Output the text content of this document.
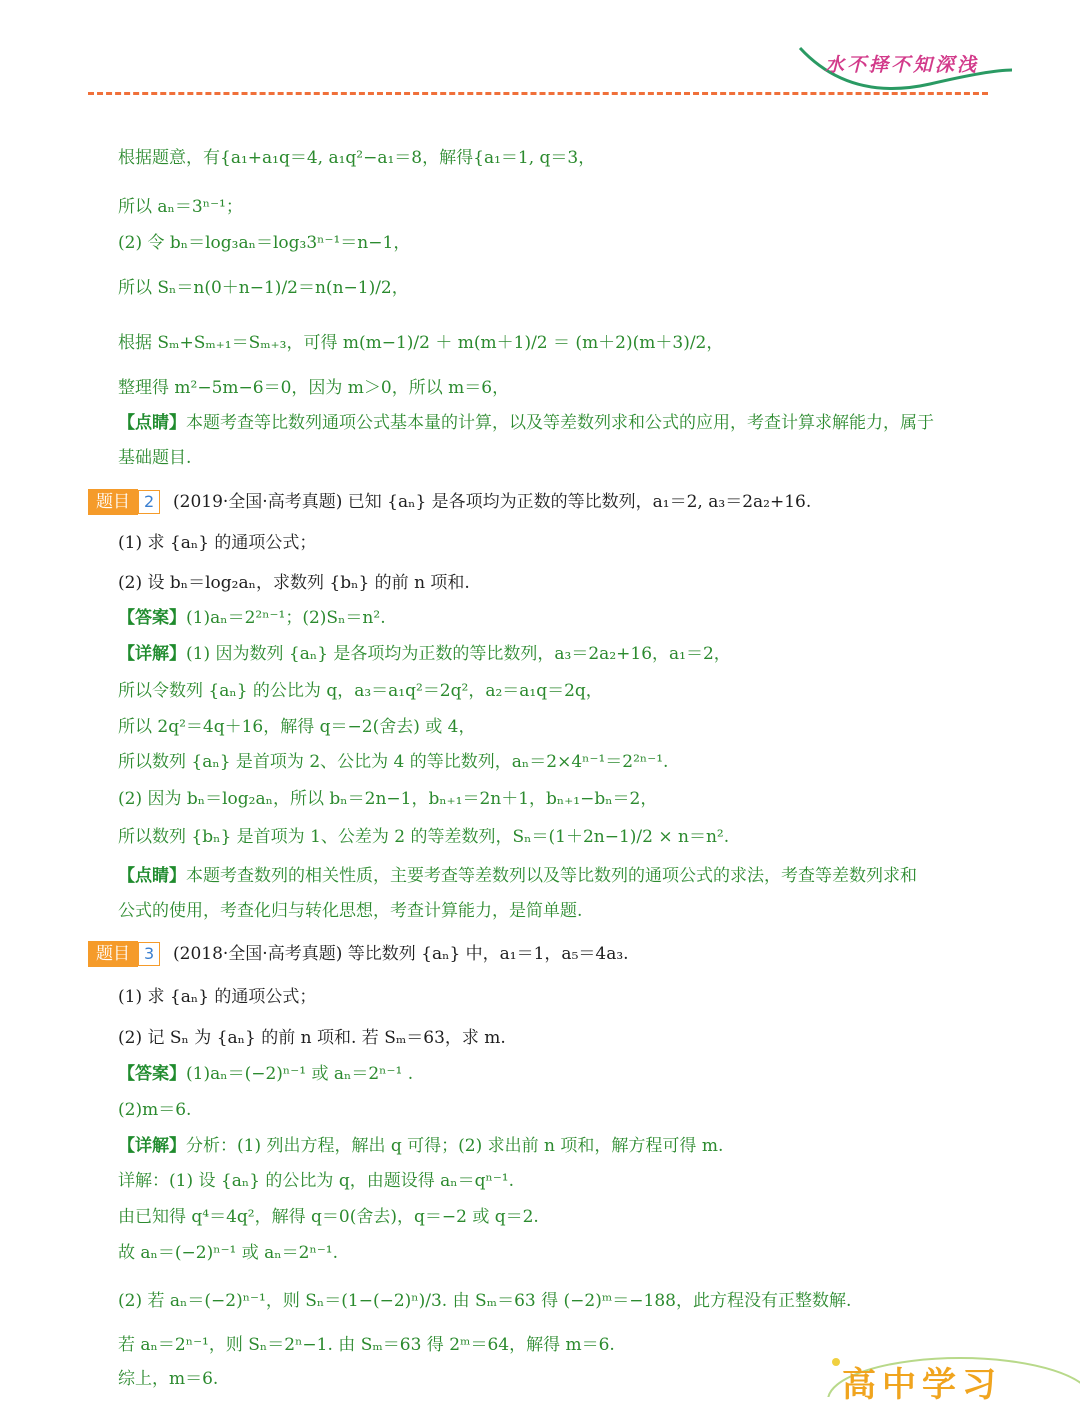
水不择不知深浅
根据题意，有{a₁+a₁q＝4, a₁q²−a₁＝8，解得{a₁＝1, q＝3，
所以 aₙ＝3ⁿ⁻¹；
(2) 令 bₙ＝log₃aₙ＝log₃3ⁿ⁻¹＝n−1，
所以 Sₙ＝n(0＋n−1)/2＝n(n−1)/2，
根据 Sₘ+Sₘ₊₁＝Sₘ₊₃，可得 m(m−1)/2 ＋ m(m＋1)/2 ＝ (m＋2)(m＋3)/2，
整理得 m²−5m−6＝0，因为 m＞0，所以 m＝6，
【点睛】本题考查等比数列通项公式基本量的计算，以及等差数列求和公式的应用，考查计算求解能力，属于
基础题目.
题目 2	(2019·全国·高考真题) 已知 {aₙ} 是各项均为正数的等比数列，a₁＝2, a₃＝2a₂+16.
(1) 求 {aₙ} 的通项公式；
(2) 设 bₙ＝log₂aₙ，求数列 {bₙ} 的前 n 项和.
【答案】(1)aₙ＝2²ⁿ⁻¹；(2)Sₙ＝n².
【详解】(1) 因为数列 {aₙ} 是各项均为正数的等比数列，a₃＝2a₂+16，a₁＝2，
所以令数列 {aₙ} 的公比为 q，a₃＝a₁q²＝2q²，a₂＝a₁q＝2q，
所以 2q²＝4q＋16，解得 q＝−2(舍去) 或 4，
所以数列 {aₙ} 是首项为 2、公比为 4 的等比数列，aₙ＝2×4ⁿ⁻¹＝2²ⁿ⁻¹.
(2) 因为 bₙ＝log₂aₙ，所以 bₙ＝2n−1，bₙ₊₁＝2n＋1，bₙ₊₁−bₙ＝2，
所以数列 {bₙ} 是首项为 1、公差为 2 的等差数列，Sₙ＝(1＋2n−1)/2 × n＝n².
【点睛】本题考查数列的相关性质，主要考查等差数列以及等比数列的通项公式的求法，考查等差数列求和
公式的使用，考查化归与转化思想，考查计算能力，是简单题.
题目 3	(2018·全国·高考真题) 等比数列 {aₙ} 中，a₁＝1，a₅＝4a₃.
(1) 求 {aₙ} 的通项公式；
(2) 记 Sₙ 为 {aₙ} 的前 n 项和. 若 Sₘ＝63，求 m.
【答案】(1)aₙ＝(−2)ⁿ⁻¹ 或 aₙ＝2ⁿ⁻¹ .
(2)m＝6.
【详解】分析：(1) 列出方程，解出 q 可得；(2) 求出前 n 项和，解方程可得 m.
详解：(1) 设 {aₙ} 的公比为 q，由题设得 aₙ＝qⁿ⁻¹.
由已知得 q⁴＝4q²，解得 q＝0(舍去)，q＝−2 或 q＝2.
故 aₙ＝(−2)ⁿ⁻¹ 或 aₙ＝2ⁿ⁻¹.
(2) 若 aₙ＝(−2)ⁿ⁻¹，则 Sₙ＝(1−(−2)ⁿ)/3. 由 Sₘ＝63 得 (−2)ᵐ＝−188，此方程没有正整数解.
若 aₙ＝2ⁿ⁻¹，则 Sₙ＝2ⁿ−1. 由 Sₘ＝63 得 2ᵐ＝64，解得 m＝6.
综上，m＝6.	高中学习
